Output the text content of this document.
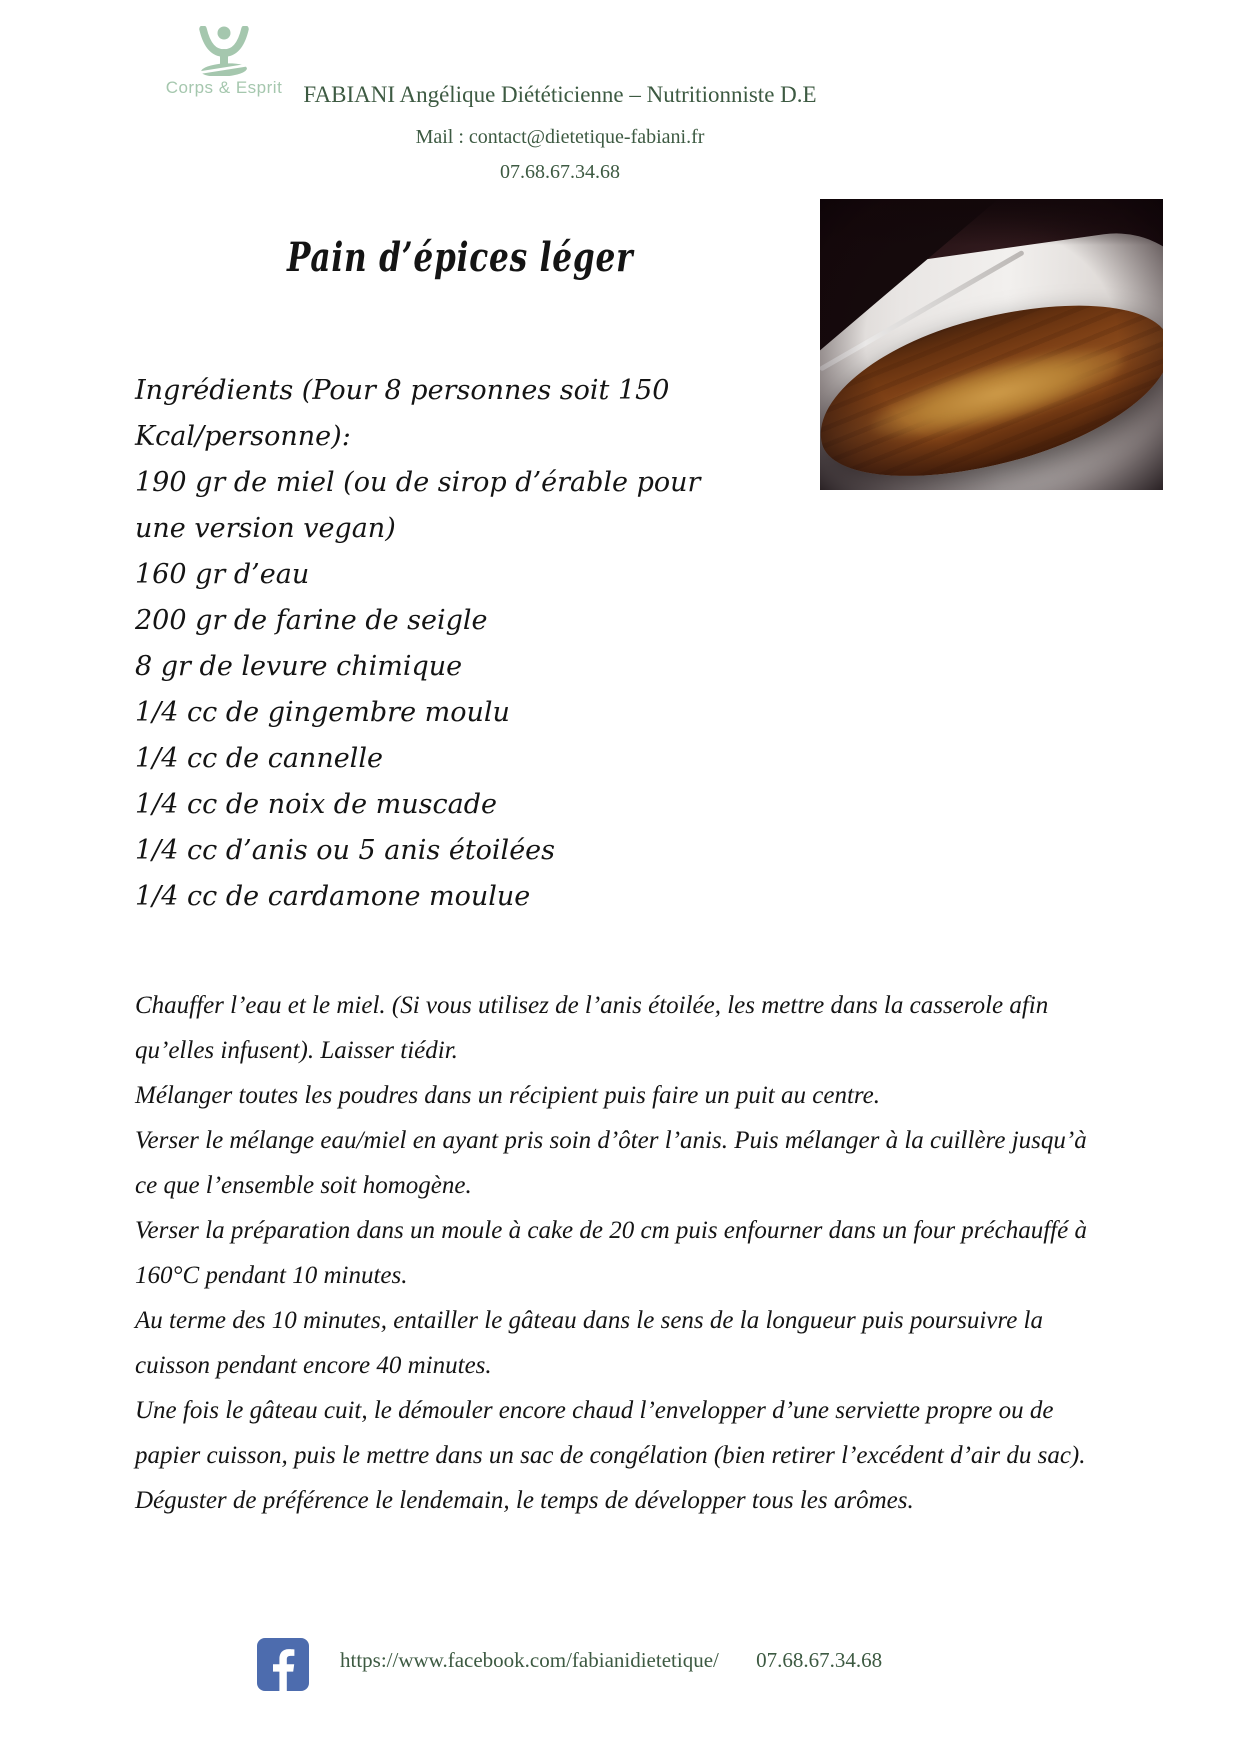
Corps & Esprit FABIANI Angélique Diététicienne – Nutritionniste D.E
Mail : contact@dietetique-fabiani.fr
07.68.67.34.68
Pain d’épices léger
Ingrédients (Pour 8 personnes soit 150
Kcal/personne):
190 gr de miel (ou de sirop d’érable pour
une version vegan)
160 gr d’eau
200 gr de farine de seigle
8 gr de levure chimique
1/4 cc de gingembre moulu
1/4 cc de cannelle
1/4 cc de noix de muscade
1/4 cc d’anis ou 5 anis étoilées
1/4 cc de cardamone moulue

Chauffer l’eau et le miel. (Si vous utilisez de l’anis étoilée, les mettre dans la casserole afin qu’elles infusent). Laisser tiédir.

Mélanger toutes les poudres dans un récipient puis faire un puit au centre.

Verser le mélange eau/miel en ayant pris soin d’ôter l’anis. Puis mélanger à la cuillère jusqu’à ce que l’ensemble soit homogène.

Verser la préparation dans un moule à cake de 20 cm puis enfourner dans un four préchauffé à 160°C pendant 10 minutes.

Au terme des 10 minutes, entailler le gâteau dans le sens de la longueur puis poursuivre la cuisson pendant encore 40 minutes.

Une fois le gâteau cuit, le démouler encore chaud l’envelopper d’une serviette propre ou de papier cuisson, puis le mettre dans un sac de congélation (bien retirer l’excédent d’air du sac).

Déguster de préférence le lendemain, le temps de développer tous les arômes.

https://www.facebook.com/fabianidietetique/ 07.68.67.34.68
